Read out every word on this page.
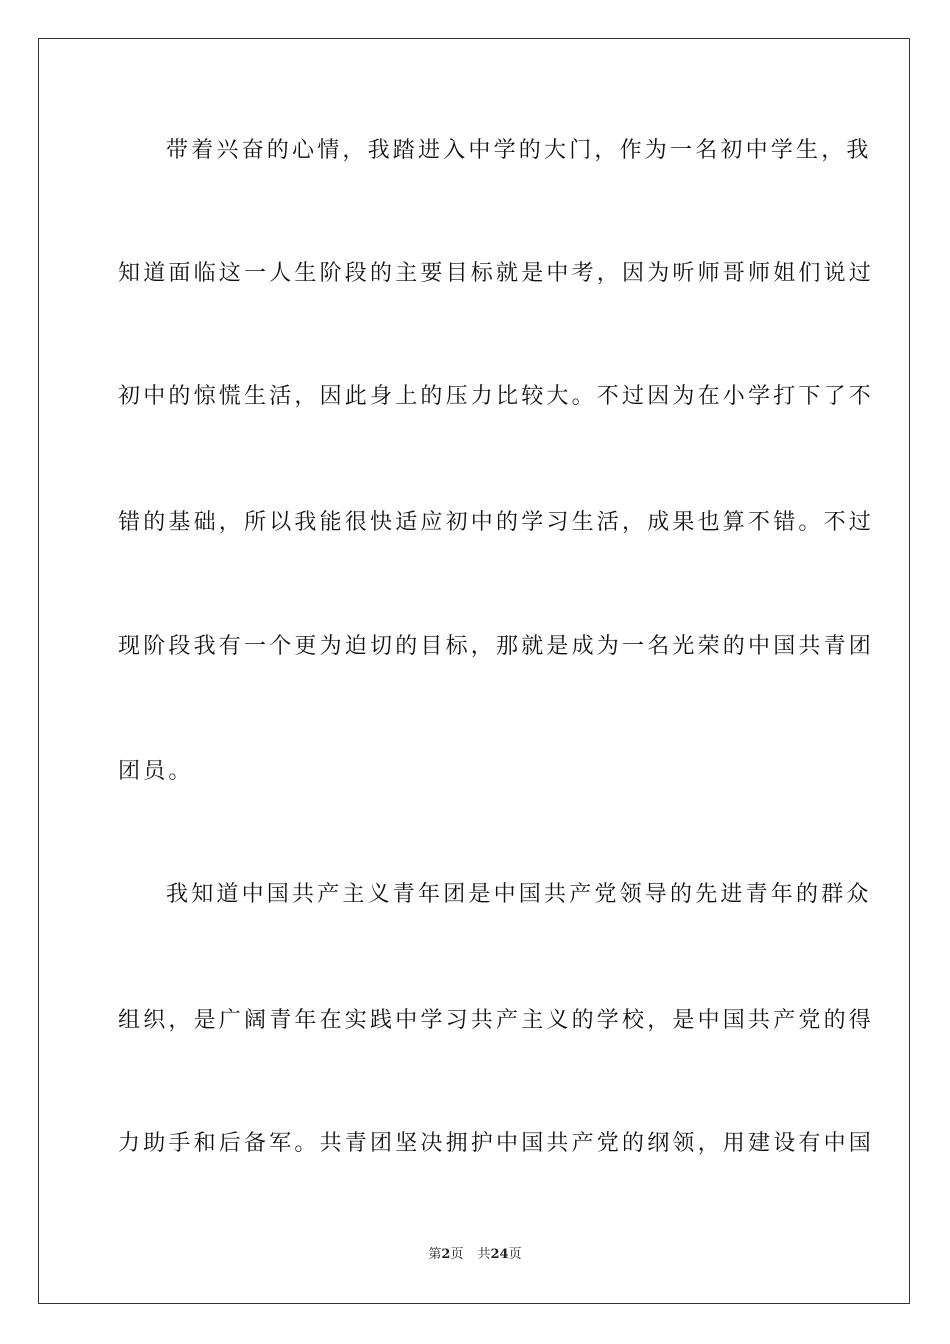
带着兴奋的心情，我踏进入中学的大门，作为一名初中学生，我
知道面临这一人生阶段的主要目标就是中考，因为听师哥师姐们说过
初中的惊慌生活，因此身上的压力比较大。不过因为在小学打下了不
错的基础，所以我能很快适应初中的学习生活，成果也算不错。不过
现阶段我有一个更为迫切的目标，那就是成为一名光荣的中国共青团
团员。
我知道中国共产主义青年团是中国共产党领导的先进青年的群众
组织，是广阔青年在实践中学习共产主义的学校，是中国共产党的得
力助手和后备军。共青团坚决拥护中国共产党的纲领，用建设有中国
第2页 共24页
